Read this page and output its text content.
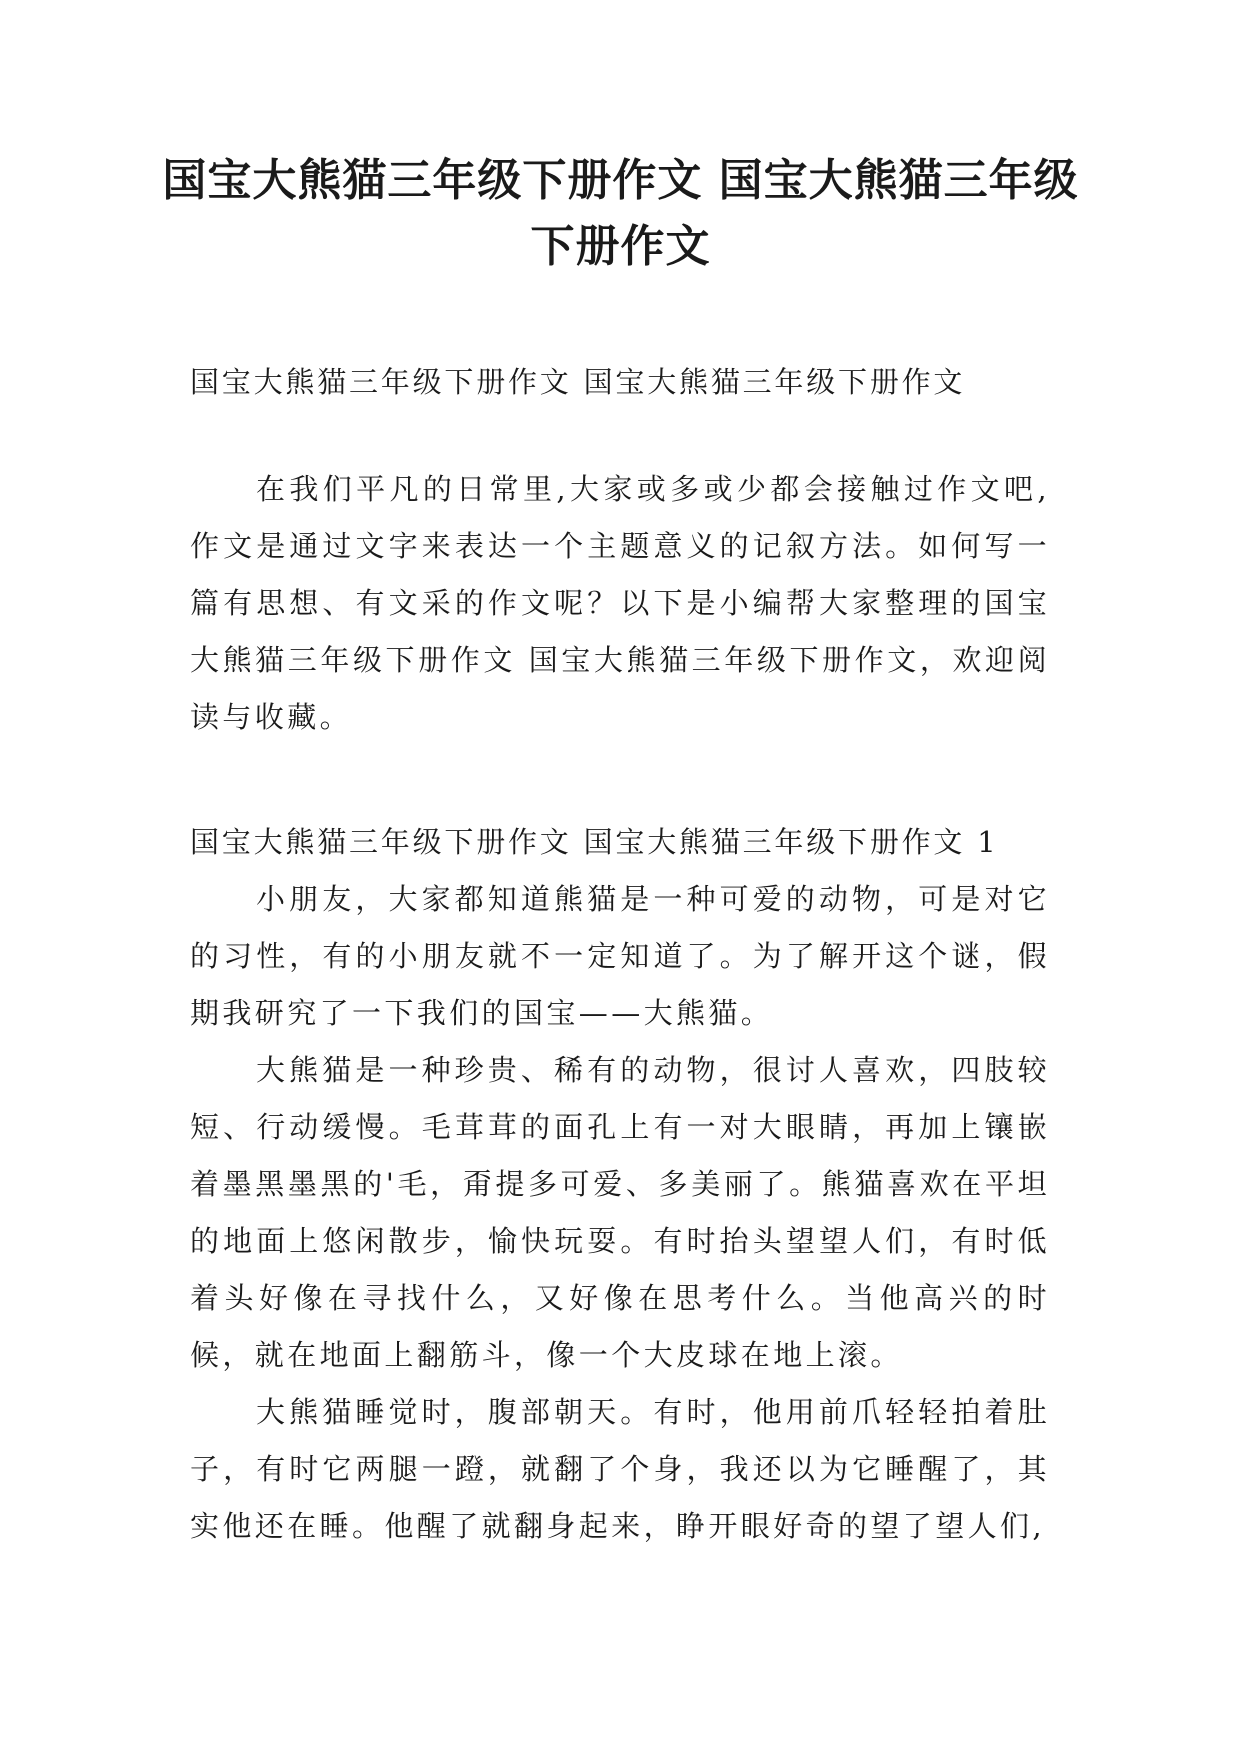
国宝大熊猫三年级下册作文 国宝大熊猫三年级下册作文

国宝大熊猫三年级下册作文 国宝大熊猫三年级下册作文

在我们平凡的日常里,大家或多或少都会接触过作文吧,作文是通过文字来表达一个主题意义的记叙方法。如何写一篇有思想、有文采的作文呢？以下是小编帮大家整理的国宝大熊猫三年级下册作文 国宝大熊猫三年级下册作文，欢迎阅读与收藏。

国宝大熊猫三年级下册作文 国宝大熊猫三年级下册作文 1

小朋友，大家都知道熊猫是一种可爱的动物，可是对它的习性，有的小朋友就不一定知道了。为了解开这个谜，假期我研究了一下我们的国宝——大熊猫。

大熊猫是一种珍贵、稀有的动物，很讨人喜欢，四肢较短、行动缓慢。毛茸茸的面孔上有一对大眼睛，再加上镶嵌着墨黑墨黑的'毛，甭提多可爱、多美丽了。熊猫喜欢在平坦的地面上悠闲散步，愉快玩耍。有时抬头望望人们，有时低着头好像在寻找什么，又好像在思考什么。当他高兴的时候，就在地面上翻筋斗，像一个大皮球在地上滚。

大熊猫睡觉时，腹部朝天。有时，他用前爪轻轻拍着肚子，有时它两腿一蹬，就翻了个身，我还以为它睡醒了，其实他还在睡。他醒了就翻身起来，睁开眼好奇的望了望人们,
